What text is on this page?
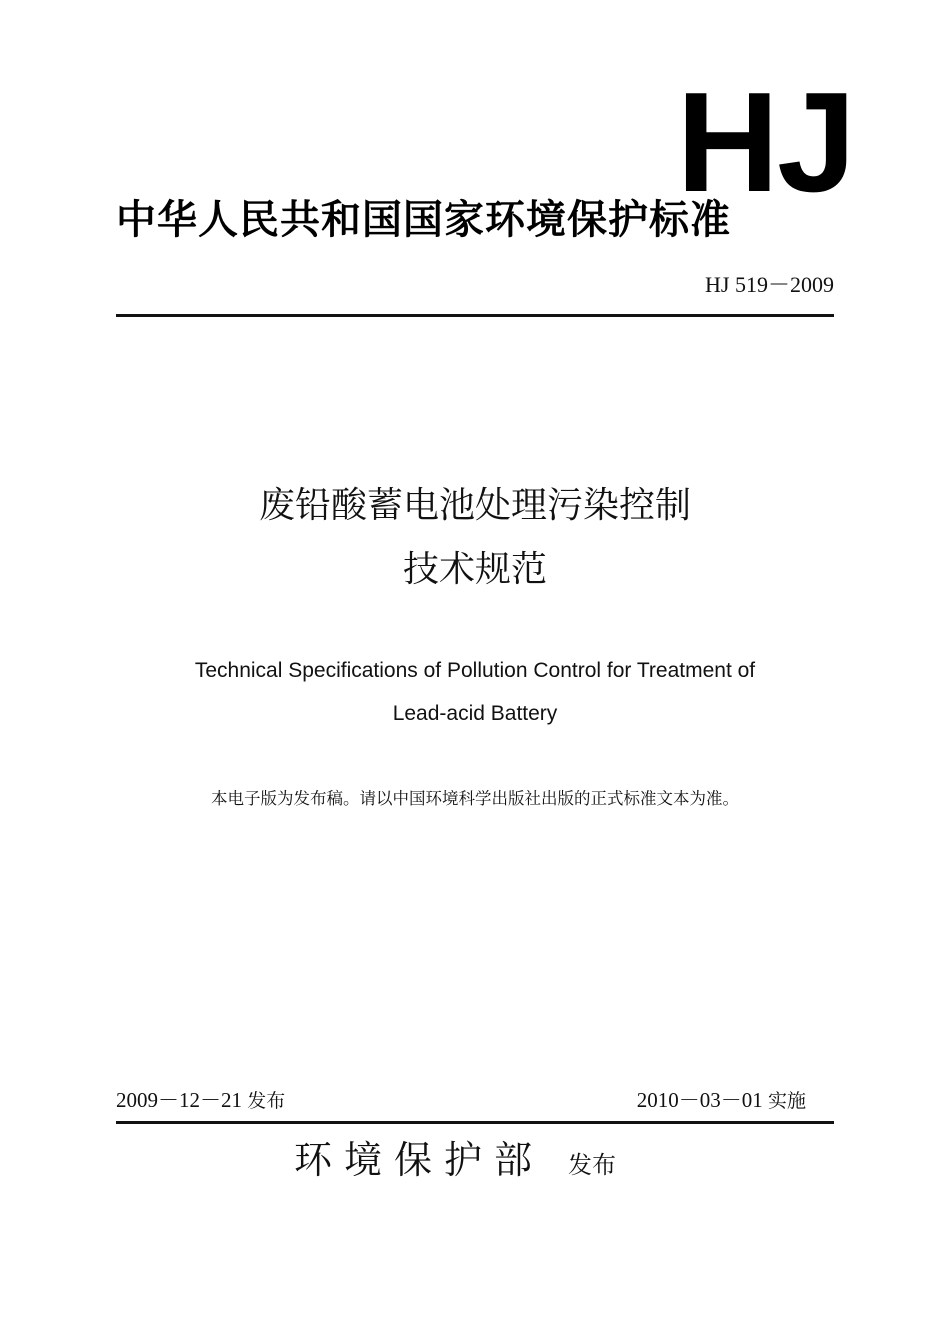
HJ
中华人民共和国国家环境保护标准
HJ 519－2009
废铅酸蓄电池处理污染控制
技术规范
Technical Specifications of Pollution Control for Treatment of
Lead-acid Battery
本电子版为发布稿。请以中国环境科学出版社出版的正式标准文本为准。
2009－12－21 发布	2010－03－01 实施
环境保护部 发布
